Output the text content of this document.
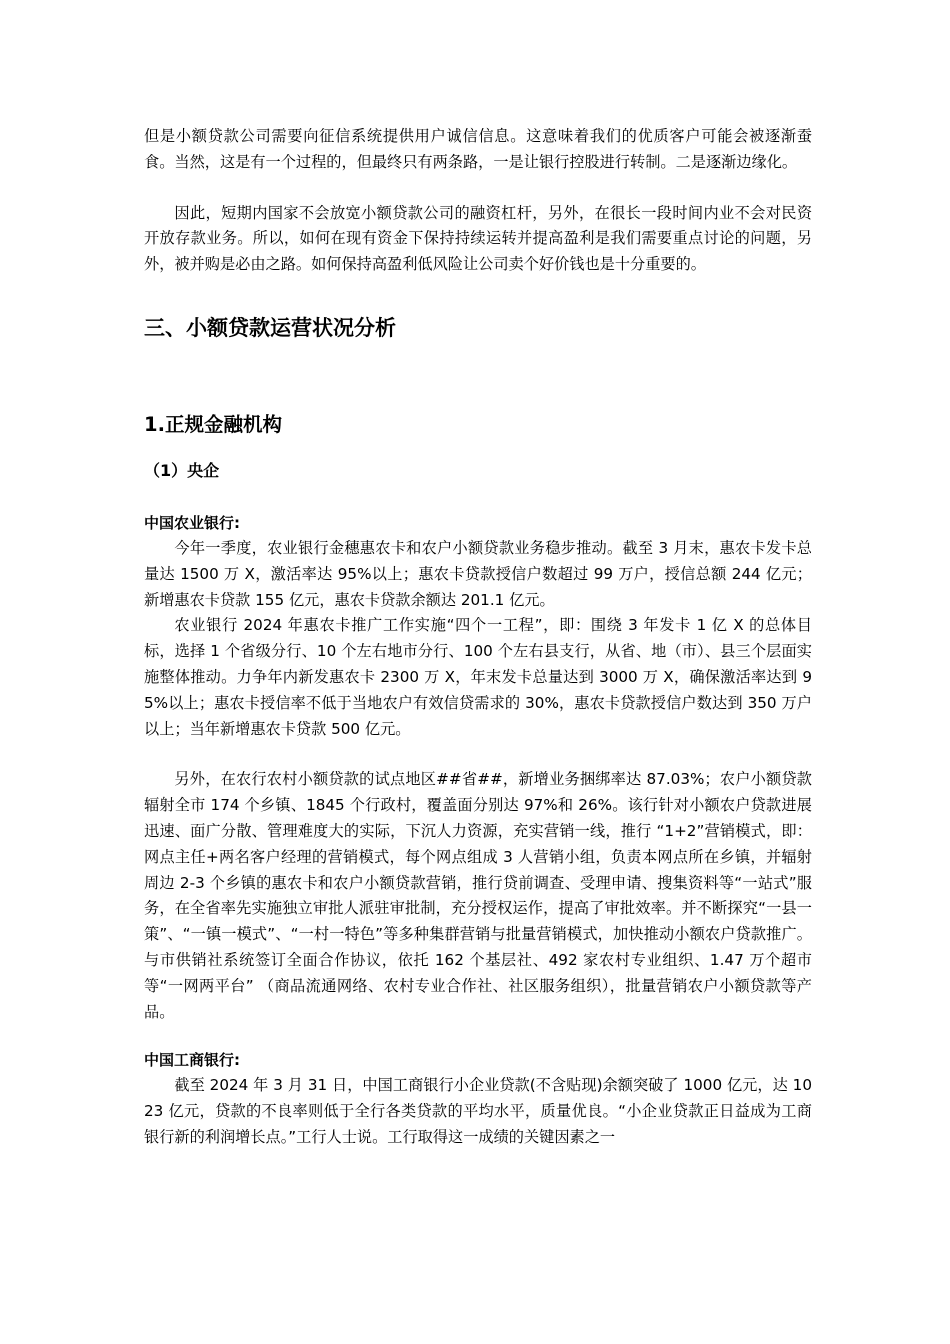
但是小额贷款公司需要向征信系统提供用户诚信信息。这意味着我们的优质客户可能会被逐渐蚕食。当然，这是有一个过程的，但最终只有两条路，一是让银行控股进行转制。二是逐渐边缘化。

因此，短期内国家不会放宽小额贷款公司的融资杠杆，另外，在很长一段时间内业不会对民资开放存款业务。所以，如何在现有资金下保持持续运转并提高盈利是我们需要重点讨论的问题，另外，被并购是必由之路。如何保持高盈利低风险让公司卖个好价钱也是十分重要的。

三、小额贷款运营状况分析
1.正规金融机构
（1）央企
中国农业银行:

今年一季度，农业银行金穗惠农卡和农户小额贷款业务稳步推动。截至 3 月末，惠农卡发卡总量达 1500 万 X，激活率达 95%以上；惠农卡贷款授信户数超过 99 万户，授信总额 244 亿元；新增惠农卡贷款 155 亿元，惠农卡贷款余额达 201.1 亿元。

农业银行 2024 年惠农卡推广工作实施“四个一工程”，即：围绕 3 年发卡 1 亿 X 的总体目标，选择 1 个省级分行、10 个左右地市分行、100 个左右县支行，从省、地（市）、县三个层面实施整体推动。力争年内新发惠农卡 2300 万 X，年末发卡总量达到 3000 万 X，确保激活率达到 95%以上；惠农卡授信率不低于当地农户有效信贷需求的 30%，惠农卡贷款授信户数达到 350 万户以上；当年新增惠农卡贷款 500 亿元。

另外，在农行农村小额贷款的试点地区##省##，新增业务捆绑率达 87.03%；农户小额贷款辐射全市 174 个乡镇、1845 个行政村，覆盖面分别达 97%和 26%。该行针对小额农户贷款进展迅速、面广分散、管理难度大的实际，下沉人力资源，充实营销一线，推行 “1+2”营销模式，即：网点主任+两名客户经理的营销模式，每个网点组成 3 人营销小组，负责本网点所在乡镇，并辐射周边 2-3 个乡镇的惠农卡和农户小额贷款营销，推行贷前调查、受理申请、搜集资料等“一站式”服务，在全省率先实施独立审批人派驻审批制，充分授权运作，提高了审批效率。并不断探究“一县一策”、“一镇一模式”、“一村一特色”等多种集群营销与批量营销模式，加快推动小额农户贷款推广。与市供销社系统签订全面合作协议，依托 162 个基层社、492 家农村专业组织、1.47 万个超市等“一网两平台” （商品流通网络、农村专业合作社、社区服务组织），批量营销农户小额贷款等产品。

中国工商银行:

截至 2024 年 3 月 31 日，中国工商银行小企业贷款(不含贴现)余额突破了 1000 亿元，达 1023 亿元，贷款的不良率则低于全行各类贷款的平均水平，质量优良。“小企业贷款正日益成为工商银行新的利润增长点。”工行人士说。工行取得这一成绩的关键因素之一
